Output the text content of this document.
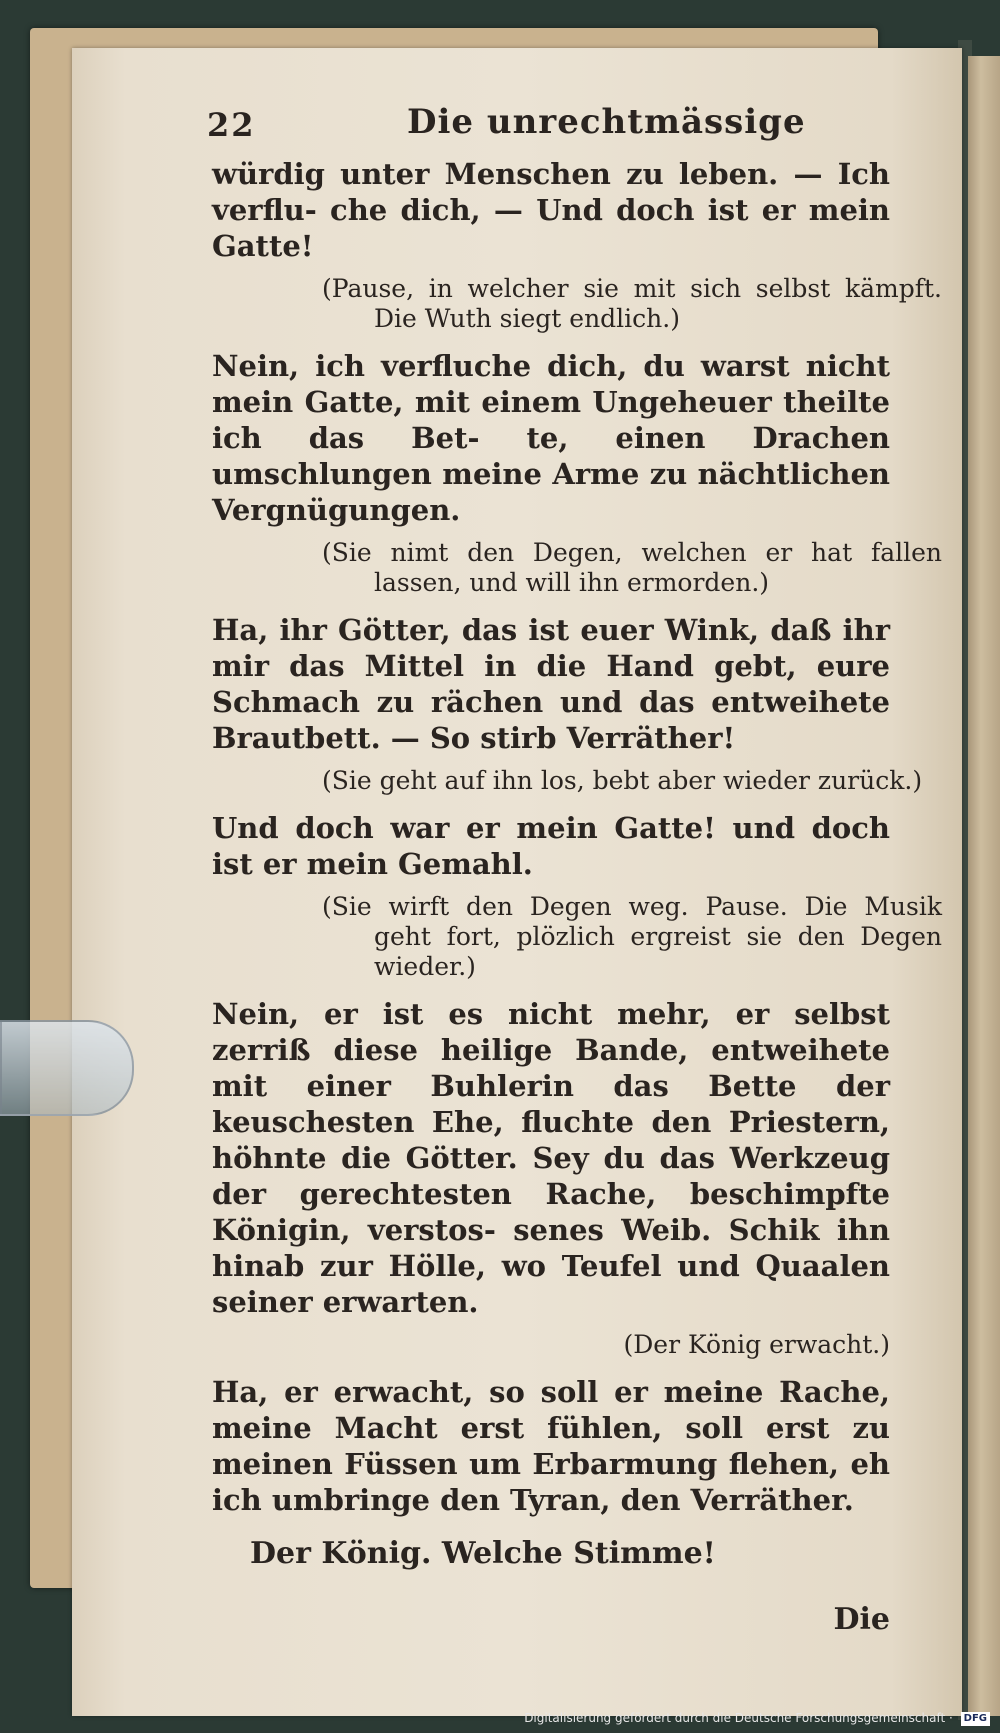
22	Die unrechtmässige

würdig unter Menschen zu leben. — Ich verflu- che dich, — Und doch ist er mein Gatte!

(Pause, in welcher sie mit sich selbst kämpft. Die Wuth siegt endlich.)

Nein, ich verfluche dich, du warst nicht mein Gatte, mit einem Ungeheuer theilte ich das Bet- te, einen Drachen umschlungen meine Arme zu nächtlichen Vergnügungen.

(Sie nimt den Degen, welchen er hat fallen lassen, und will ihn ermorden.)

Ha, ihr Götter, das ist euer Wink, daß ihr mir das Mittel in die Hand gebt, eure Schmach zu rächen und das entweihete Brautbett. — So stirb Verräther!

(Sie geht auf ihn los, bebt aber wieder zurück.)

Und doch war er mein Gatte! und doch ist er mein Gemahl.

(Sie wirft den Degen weg. Pause. Die Musik geht fort, plözlich ergreist sie den Degen wieder.)

Nein, er ist es nicht mehr, er selbst zerriß diese heilige Bande, entweihete mit einer Buhlerin das Bette der keuschesten Ehe, fluchte den Priestern, höhnte die Götter. Sey du das Werkzeug der gerechtesten Rache, beschimpfte Königin, verstos- senes Weib. Schik ihn hinab zur Hölle, wo Teufel und Quaalen seiner erwarten.

(Der König erwacht.)

Ha, er erwacht, so soll er meine Rache, meine Macht erst fühlen, soll erst zu meinen Füssen um Erbarmung flehen, eh ich umbringe den Tyran, den Verräther.

Der König. Welche Stimme!

Die

Digitalisierung gefördert durch die Deutsche Forschungsgemeinschaft · DFG
